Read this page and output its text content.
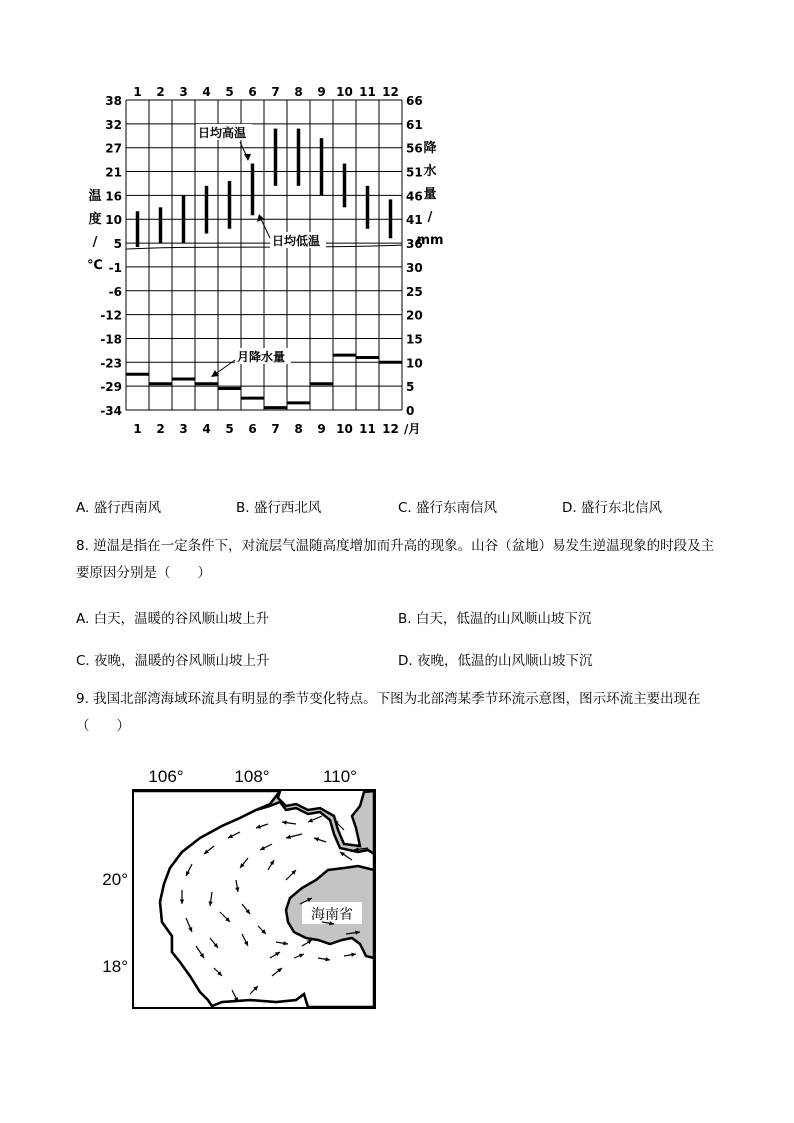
38
32
27
21
16
10
5
-1
-6
-12
-18
-23
-29
-34
66
61
56
51
46
41
36
30
25
20
15
10
5
0
1 2 3 4 5 6 7 8 9 10 11 12
1 2 3 4 5 6 7 8 9 10 11 12 /月
温
度
/
℃
降
水
量
/
mm
日均高温
日均低温
月降水量
A. 盛行西南风	B. 盛行西北风	C. 盛行东南信风	D. 盛行东北信风
8. 逆温是指在一定条件下，对流层气温随高度增加而升高的现象。山谷（盆地）易发生逆温现象的时段及主要原因分别是（　　）
A. 白天，温暖的谷风顺山坡上升	B. 白天，低温的山风顺山坡下沉
C. 夜晚，温暖的谷风顺山坡上升	D. 夜晚，低温的山风顺山坡下沉
9. 我国北部湾海域环流具有明显的季节变化特点。下图为北部湾某季节环流示意图，图示环流主要出现在（　　）
106°	108°	110°
20°
18°
海南省
